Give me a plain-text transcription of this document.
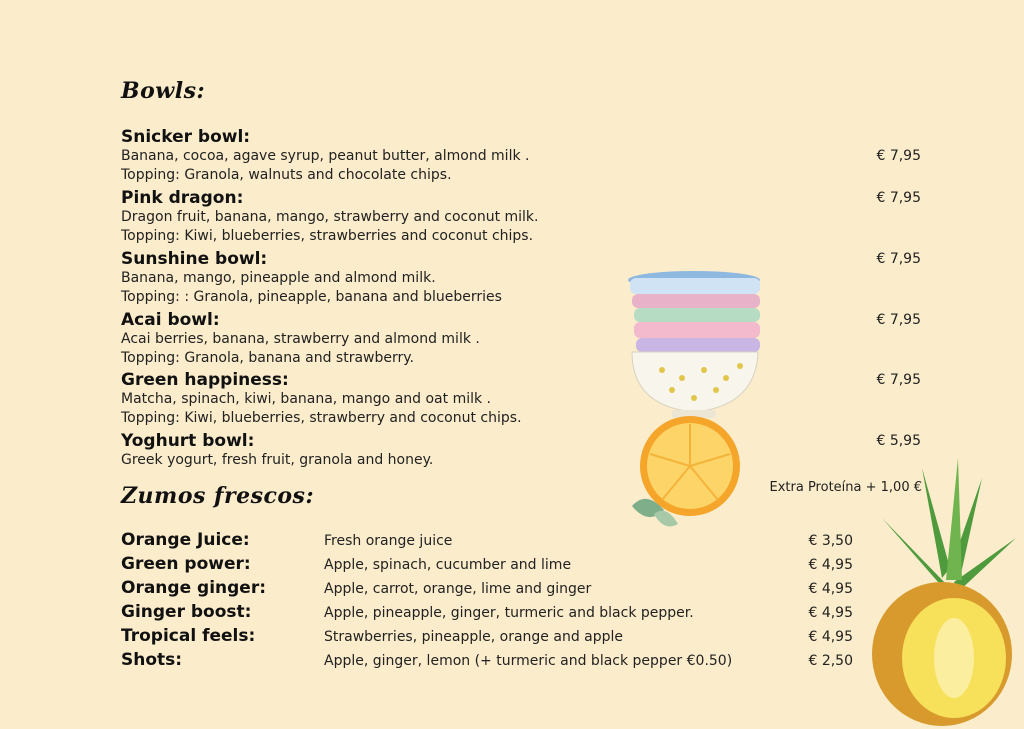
Bowls:
Snicker bowl:
Banana, cocoa, agave syrup, peanut butter, almond milk .
Topping: Granola, walnuts and chocolate chips.
€ 7,95
Pink dragon:
Dragon fruit, banana, mango, strawberry and coconut milk.
Topping: Kiwi, blueberries, strawberries and coconut chips.
€ 7,95
Sunshine bowl:
Banana, mango, pineapple and almond milk.
Topping: : Granola, pineapple, banana and blueberries
€ 7,95
Acai bowl:
Acai berries, banana, strawberry and almond milk .
Topping: Granola, banana and strawberry.
€ 7,95
Green happiness:
Matcha, spinach, kiwi, banana, mango and oat milk .
Topping: Kiwi, blueberries, strawberry and coconut chips.
€ 7,95
Yoghurt bowl:
Greek yogurt, fresh fruit, granola and honey.
€ 5,95
Extra Proteína + 1,00 €
Zumos frescos:
Orange Juice:	Fresh orange juice	€ 3,50
Green power:	Apple, spinach, cucumber and lime	€ 4,95
Orange ginger:	Apple, carrot, orange, lime and ginger	€ 4,95
Ginger boost:	Apple, pineapple, ginger, turmeric and black pepper.	€ 4,95
Tropical feels:	Strawberries, pineapple, orange and apple	€ 4,95
Shots:	Apple, ginger, lemon (+ turmeric and black pepper €0.50)	€ 2,50
